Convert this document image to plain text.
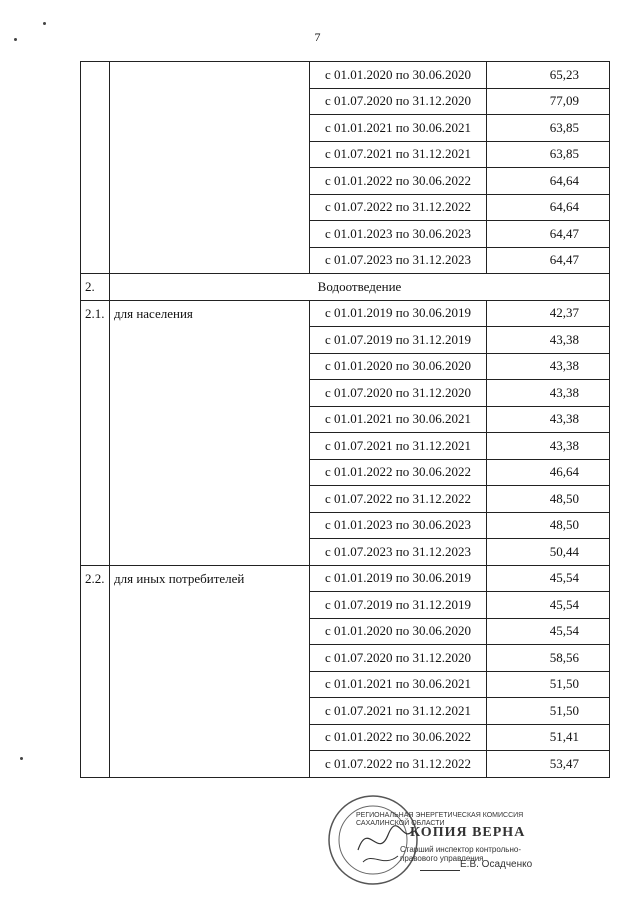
7
		с 01.01.2020 по 30.06.2020	65,23
		с 01.07.2020 по 31.12.2020	77,09
		с 01.01.2021 по 30.06.2021	63,85
		с 01.07.2021 по 31.12.2021	63,85
		с 01.01.2022 по 30.06.2022	64,64
		с 01.07.2022 по 31.12.2022	64,64
		с 01.01.2023 по 30.06.2023	64,47
		с 01.07.2023 по 31.12.2023	64,47
2.	Водоотведение		
2.1.	для населения	с 01.01.2019 по 30.06.2019	42,37
		с 01.07.2019 по 31.12.2019	43,38
		с 01.01.2020 по 30.06.2020	43,38
		с 01.07.2020 по 31.12.2020	43,38
		с 01.01.2021 по 30.06.2021	43,38
		с 01.07.2021 по 31.12.2021	43,38
		с 01.01.2022 по 30.06.2022	46,64
		с 01.07.2022 по 31.12.2022	48,50
		с 01.01.2023 по 30.06.2023	48,50
		с 01.07.2023 по 31.12.2023	50,44
2.2.	для иных потребителей	с 01.01.2019 по 30.06.2019	45,54
		с 01.07.2019 по 31.12.2019	45,54
		с 01.01.2020 по 30.06.2020	45,54
		с 01.07.2020 по 31.12.2020	58,56
		с 01.01.2021 по 30.06.2021	51,50
		с 01.07.2021 по 31.12.2021	51,50
		с 01.01.2022 по 30.06.2022	51,41
		с 01.07.2022 по 31.12.2022	53,47
РЕГИОНАЛЬНАЯ ЭНЕРГЕТИЧЕСКАЯ КОМИССИЯ САХАЛИНСКОЙ ОБЛАСТИ
КОПИЯ ВЕРНА
Старший инспектор контрольно-правового управления
Е.В. Осадченко
